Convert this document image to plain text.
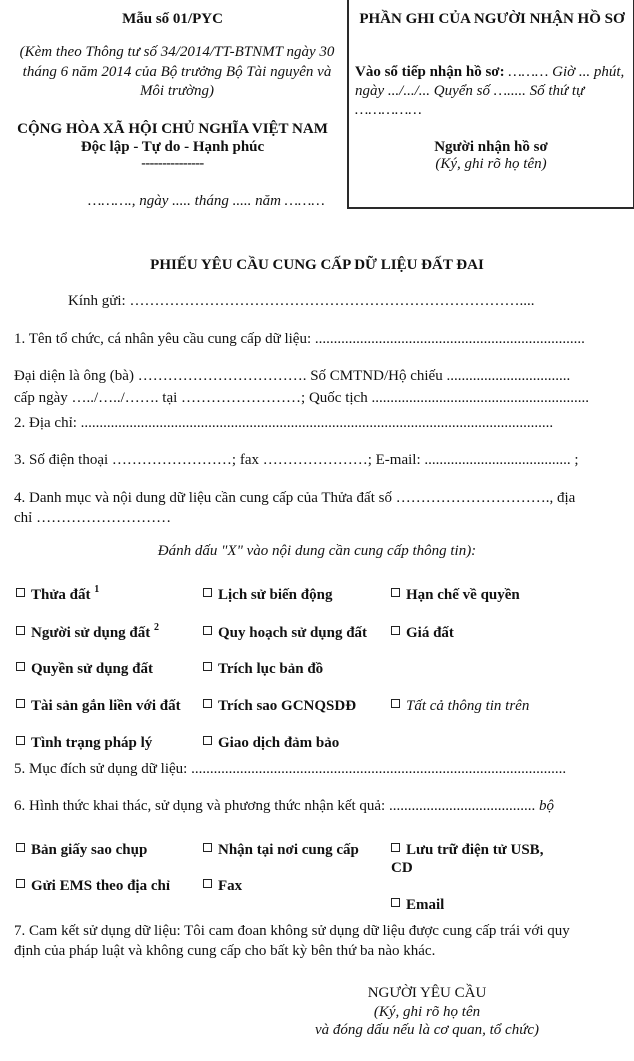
Mẫu số 01/PYC
(Kèm theo Thông tư số 34/2014/TT-BTNMT ngày 30 tháng 6 năm 2014 của Bộ trưởng Bộ Tài nguyên và Môi trường)
CỘNG HÒA XÃ HỘI CHỦ NGHĨA VIỆT NAM
Độc lập - Tự do - Hạnh phúc
---------------
………., ngày ..... tháng ..... năm ………
PHẦN GHI CỦA NGƯỜI NHẬN HỒ SƠ
Vào sổ tiếp nhận hồ sơ: ……… Giờ ... phút, ngày .../.../... Quyển số …..... Số thứ tự ……………
Người nhận hồ sơ
(Ký, ghi rõ họ tên)
PHIẾU YÊU CẦU CUNG CẤP DỮ LIỆU ĐẤT ĐAI
Kính gửi: ……………………………………………………………………....
1. Tên tổ chức, cá nhân yêu cầu cung cấp dữ liệu: ........................................................................
Đại diện là ông (bà) ……………………………. Số CMTND/Hộ chiếu .................................
cấp ngày …../…../……. tại ……………………; Quốc tịch ..........................................................
2. Địa chỉ: ..............................................................................................................................
3. Số điện thoại ……………………; fax …………………; E-mail: ....................................... ;
4. Danh mục và nội dung dữ liệu cần cung cấp của Thửa đất số …………………………., địa
chỉ ………………………
Đánh dấu "X" vào nội dung cần cung cấp thông tin):
Thửa đất $^1$	Lịch sử biến động	Hạn chế về quyền
Người sử dụng đất $^2$	Quy hoạch sử dụng đất	Giá đất
Quyền sử dụng đất	Trích lục bản đồ
Tài sản gắn liền với đất	Trích sao GCNQSDĐ	Tất cả thông tin trên
Tình trạng pháp lý	Giao dịch đảm bảo
5. Mục đích sử dụng dữ liệu: ....................................................................................................
6. Hình thức khai thác, sử dụng và phương thức nhận kết quả: ....................................... bộ
Bản giấy sao chụp	Nhận tại nơi cung cấp	Lưu trữ điện tử USB,
CD
Gửi EMS theo địa chỉ	Fax
Email
7. Cam kết sử dụng dữ liệu: Tôi cam đoan không sử dụng dữ liệu được cung cấp trái với quy
định của pháp luật và không cung cấp cho bất kỳ bên thứ ba nào khác.
NGƯỜI YÊU CẦU
(Ký, ghi rõ họ tên
và đóng dấu nếu là cơ quan, tổ chức)
